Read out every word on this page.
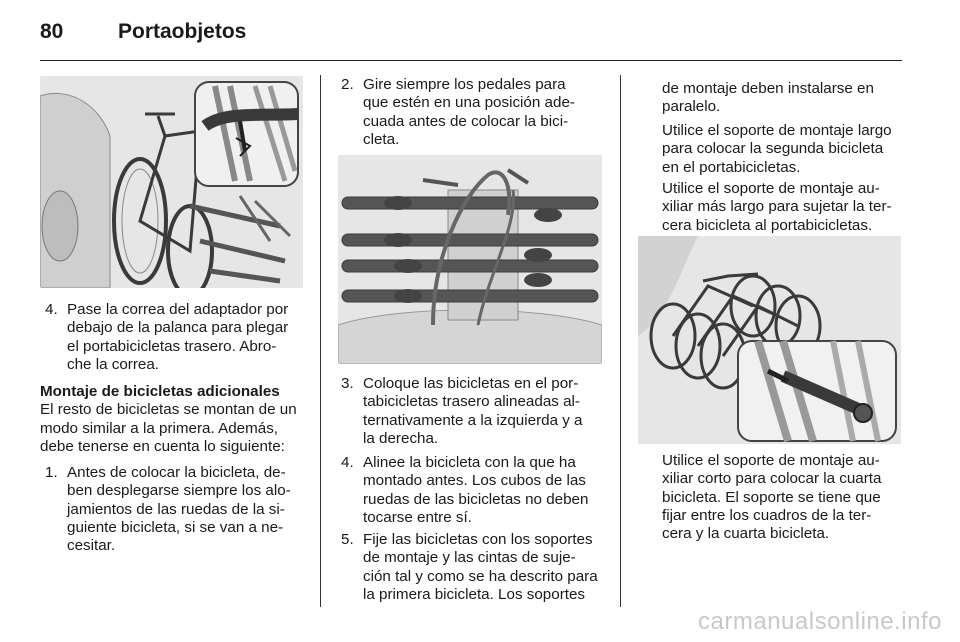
80	Portaobjetos
4. Pase la correa del adaptador por

debajo de la palanca para plegar

el portabicicletas trasero. Abro-

che la correa.

Montaje de bicicletas adicionales

El resto de bicicletas se montan de un

modo similar a la primera. Además,

debe tenerse en cuenta lo siguiente:

1. Antes de colocar la bicicleta, de-

ben desplegarse siempre los alo-

jamientos de las ruedas de la si-

guiente bicicleta, si se van a ne-

cesitar.

2. Gire siempre los pedales para

que estén en una posición ade-

cuada antes de colocar la bici-

cleta.

3. Coloque las bicicletas en el por-

tabicicletas trasero alineadas al-

ternativamente a la izquierda y a

la derecha.

4. Alinee la bicicleta con la que ha

montado antes. Los cubos de las

ruedas de las bicicletas no deben

tocarse entre sí.

5. Fije las bicicletas con los soportes

de montaje y las cintas de suje-

ción tal y como se ha descrito para

la primera bicicleta. Los soportes

de montaje deben instalarse en

paralelo.

Utilice el soporte de montaje largo

para colocar la segunda bicicleta

en el portabicicletas.

Utilice el soporte de montaje au-

xiliar más largo para sujetar la ter-

cera bicicleta al portabicicletas.

Utilice el soporte de montaje au-

xiliar corto para colocar la cuarta

bicicleta. El soporte se tiene que

fijar entre los cuadros de la ter-

cera y la cuarta bicicleta.

carmanualsonline.info
